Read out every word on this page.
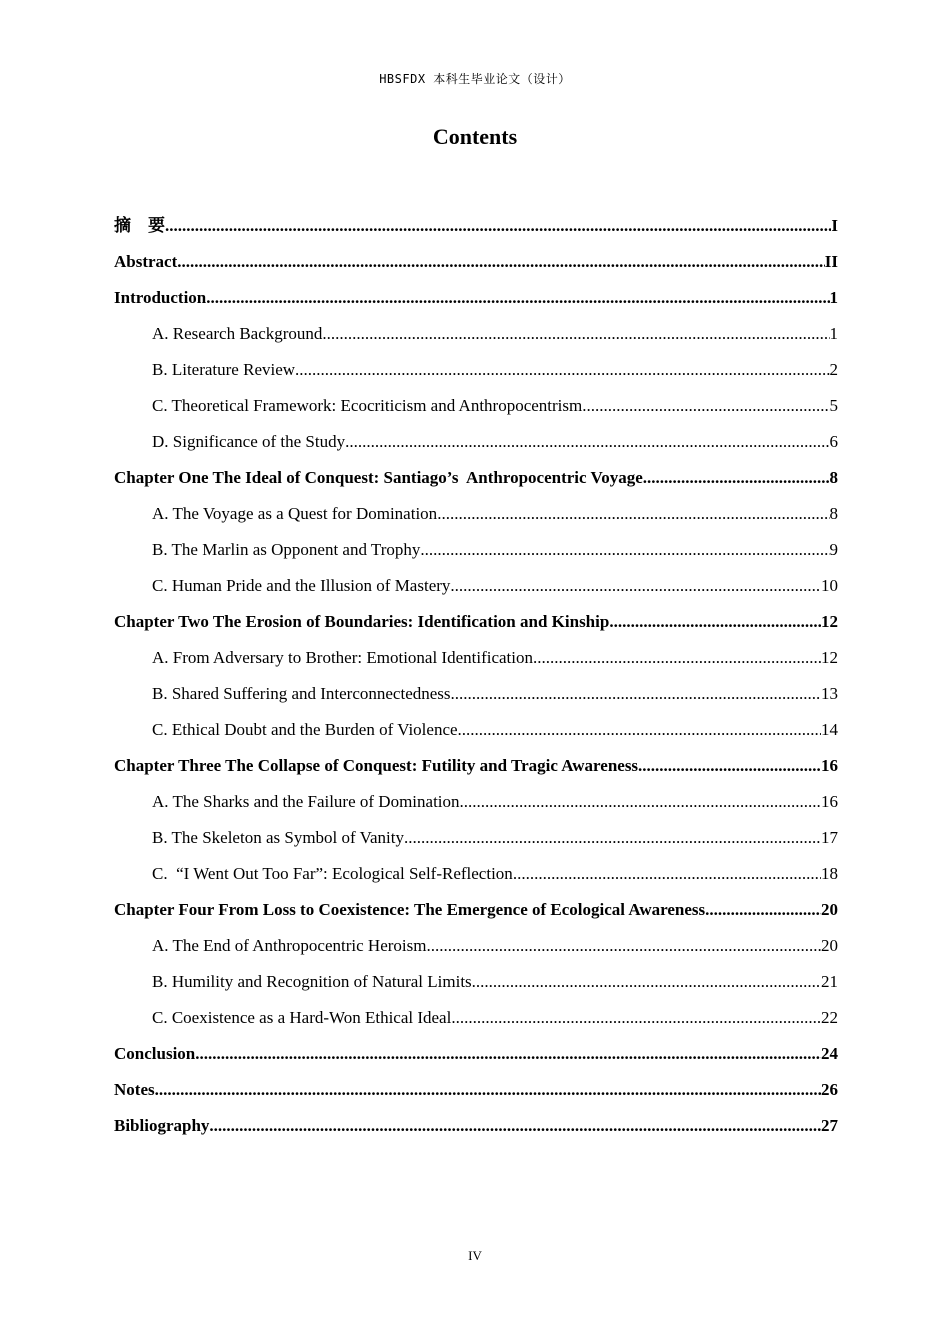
HBSFDX 本科生毕业论文（设计）
Contents
摘　要 .....	I
Abstract .....	II
Introduction .....	1
A. Research Background .....	1
B. Literature Review .....	2
C. Theoretical Framework: Ecocriticism and Anthropocentrism .....	5
D. Significance of the Study .....	6
Chapter One The Ideal of Conquest: Santiago’s  Anthropocentric Voyage .....	8
A. The Voyage as a Quest for Domination .....	8
B. The Marlin as Opponent and Trophy .....	9
C. Human Pride and the Illusion of Mastery .....	10
Chapter Two The Erosion of Boundaries: Identification and Kinship .....	12
A. From Adversary to Brother: Emotional Identification .....	12
B. Shared Suffering and Interconnectedness .....	13
C. Ethical Doubt and the Burden of Violence .....	14
Chapter Three The Collapse of Conquest: Futility and Tragic Awareness .....	16
A. The Sharks and the Failure of Domination .....	16
B. The Skeleton as Symbol of Vanity .....	17
C.  “I Went Out Too Far”: Ecological Self-Reflection .....	18
Chapter Four From Loss to Coexistence: The Emergence of Ecological Awareness .....	20
A. The End of Anthropocentric Heroism .....	20
B. Humility and Recognition of Natural Limits .....	21
C. Coexistence as a Hard-Won Ethical Ideal .....	22
Conclusion .....	24
Notes .....	26
Bibliography .....	27
IV
